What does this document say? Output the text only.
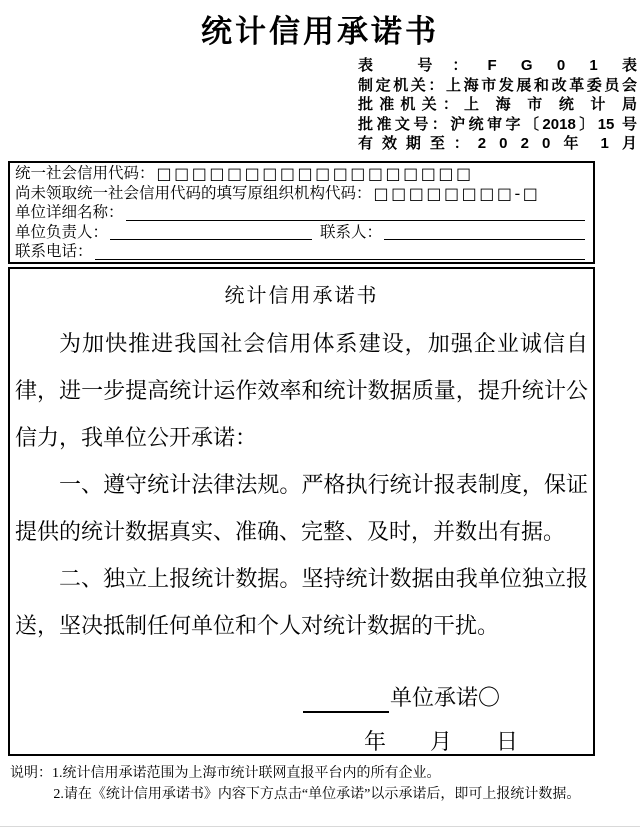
统计信用承诺书
表 号：F G 0 1 表
制定机关：上海市发展和改革委员会
批准机关：上 海 市 统 计 局
批准文号：沪统审字〔2018〕15 号
有效期至：2 0 2 0 年 1 月
统一社会信用代码： □□□□□□□□□□□□□□□□□□
尚未领取统一社会信用代码的填写原组织机构代码： □□□□□□□□-□
单位详细名称：
单位负责人：	联系人：
联系电话：
统计信用承诺书

为加快推进我国社会信用体系建设，加强企业诚信自律，进一步提高统计运作效率和统计数据质量，提升统计公信力，我单位公开承诺：

一、遵守统计法律法规。严格执行统计报表制度，保证提供的统计数据真实、准确、完整、及时，并数出有据。

二、独立上报统计数据。坚持统计数据由我单位独立报送，坚决抵制任何单位和个人对统计数据的干扰。

单位承诺 〇
年　　月　　日
说明：1.统计信用承诺范围为上海市统计联网直报平台内的所有企业。
2.请在《统计信用承诺书》内容下方点击“单位承诺”以示承诺后，即可上报统计数据。
